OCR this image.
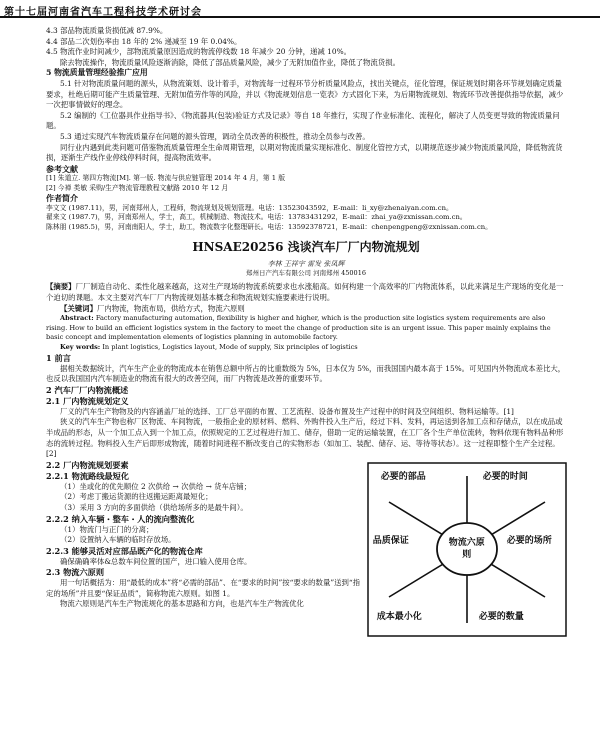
第十七届河南省汽车工程科技学术研讨会

4.3 部品物流质量货损低减 87.9%。

4.4 部品二次划伤率由 18 年的 2% 递减至 19 年 0.04%。

4.5 物流作业时间减少，部物流质量原因造成的物流停线数 18 年减少 20 分钟，递减 10%。

除去物流操作，物流质量风险逐渐消除，降低了部品质量风险，减少了无附加值作业，降低了物流货损。

5 物流质量管理经验推广应用

5.1 针对物流质量问题的源头，从物流策划、设计着手，对物流每一过程环节分析质量风险点，找出关键点，征化管理，保证规划时期各环节规划确定质量要求，杜绝后期可能产生质量管理、无附加值劳作等的风险，并以《物流规划信息一览表》方式固化下来，为后期物流规划、物流环节改善提供指导依据，减少一次把事情做好的理念。

5.2 编制的《工位器具作业指导书》、《物流器具(包装)验证方式及记录》等自 18 年推行，实现了作业标准化、流程化，解决了人员变更导致的物流质量问题。

5.3 通过实现汽车物流质量存在问题的源头管理，调动全员改善的积极性，推动全员参与改善。

同行业内遇到此类问题可借鉴物流质量管理全生命周期管理，以期对物流质量实现标准化、制度化管控方式，以期规范逐步减少物流质量风险，降低物流货损，逐渐生产线作业停线停料时间，提高物流效率。

参考文献

[1] 朱道立. 第四方物流[M]. 第一版. 物流与供应链管理 2014 年 4 月，第 1 版

[2] 今禅 类敏 采购/生产物流管理教程文献路 2010 年 12 月

作者简介

李文文 (1987.11)，男，河南郑州人，工程师，物流规划及规划管理。电话：13523043592，E-mail：li_xy@zhenaiyan.com.cn。

翟来文 (1987.7)，男，河南郑州人，学士，高工，机械制造、物流技术。电话：13783431292，E-mail：zhai_ya@zxnissan.com.cn。

陈林朋 (1985.5)，男，河南南阳人，学士，助工，物流数字化整理研长。电话：13592378721，E-mail：chenpengpeng@zxnissan.com.cn。

HNSAE20256 浅谈汽车厂厂内物流规划
李林 王祥宇 雷发 张凤辉
郑州日产汽车有限公司 河南郑州 450016

【摘要】厂厂制造自动化、柔性化越来越高，这对生产现场的物流系统要求也水涨船高。如何构建一个高效率的厂内物流体系，以此来满足生产现场的变化是一个迫切的课题。本文主要对汽车厂厂内物流规划基本概念和物流规划实施要素进行说明。

【关键词】厂内物流，物流布局，供给方式，物流六原则

Abstract: Factory manufacturing automation, flexibility is higher and higher, which is the production site logistics system requirements are also rising. How to build an efficient logistics system in the factory to meet the change of production site is an urgent issue. This paper mainly explains the basic concept and implementation elements of logistics planning in automobile factory.

Key words: In plant logistics, Logistics layout, Mode of supply, Six principles of logistics

1 前言

据相关数据统计，汽车生产企业的物流成本在销售总额中所占的比重数级为 5%，日本仅为 5%，而我国国内最本高于 15%。可见国内外物流成本差比大，也反以我国国内汽车制造业的物流有很大的改善空间，而厂内物流是改善的重要环节。

2 汽车厂厂内物流概述

2.1 厂内物流规划定义

厂义的汽车生产物物及的内容涵盖厂址的选择、工厂总平面的布置、工艺流程、设备布置及生产过程中的时间及空间组织、物料运输等。[1]

狭义的汽车生产物也称厂区物流、车间物流，一般指企业的原材料、燃料、外购件投入生产后，经过下料、发料，再运送到各加工点和存储点，以在成品或半成品的形态，从一个加工点入到一个加工点，依照规定的工艺过程进行加工、储存，借助一定的运输装置，在工厂各个生产单位流转，物料依现有物料品种形态的流转过程。物料投入生产后即形成物流，随着时间进程不断改变自己的实物形态（如加工、装配、储存、运、等待等状态）。这一过程即整个生产全过程。[2]

2.2 厂内物流规划要素

2.2.1 物流路线最短化

（1）坐或化的优先顺位 2 次供给 → 次供给 → 货车店铺；

（2）考虑丁搬运货源的往返搬运距离最短化；

（3）采用 3 方向的多面供给（供给场所多的是最牛间）。

2.2.2 纳入车辆・整车・人的流向整流化

（1）物流门与正门的分离；

（2）设置纳入车辆的临时存放场。

2.2.3 能够灵活对应部品既产化的物流仓库

确保确确率体&总数车间位置的国产，进口输入使用仓库。

2.3 物流六原则

用一句话概括为：用“最低的成本”将“必需的部品”、在“要求的时间”按“要求的数量”送到“指定的场所”并且要“保证品质”，简称物流六原则。如图 1。

物流六原则是汽车生产物流规化的基本思路和方向，也是汽车生产物流优化

物流六原则
必要的部品	必要的时间
必要的场所
必要的数量
成本最小化
品质保证
